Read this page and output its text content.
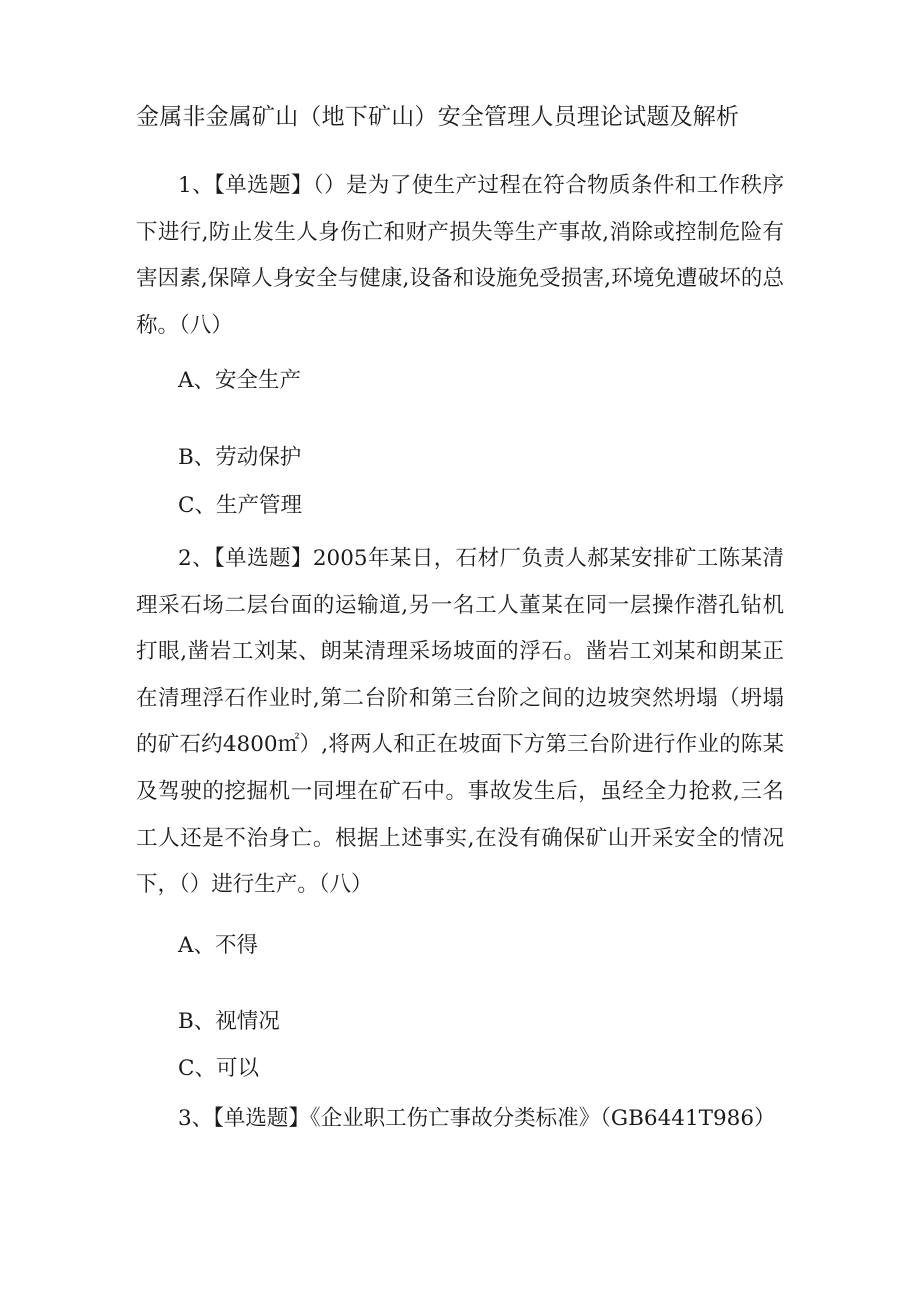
金属非金属矿山（地下矿山）安全管理人员理论试题及解析
1、【单选题】（）是为了使生产过程在符合物质条件和工作秩序下进行,防止发生人身伤亡和财产损失等生产事故,消除或控制危险有害因素,保障人身安全与健康,设备和设施免受损害,环境免遭破坏的总称。（八）
A、安全生产
B、劳动保护
C、生产管理
2、【单选题】2005年某日，石材厂负责人郝某安排矿工陈某清理采石场二层台面的运输道,另一名工人董某在同一层操作潜孔钻机打眼,凿岩工刘某、朗某清理采场坡面的浮石。凿岩工刘某和朗某正在清理浮石作业时,第二台阶和第三台阶之间的边坡突然坍塌（坍塌的矿石约4800㎡）,将两人和正在坡面下方第三台阶进行作业的陈某及驾驶的挖掘机一同埋在矿石中。事故发生后，虽经全力抢救,三名工人还是不治身亡。根据上述事实,在没有确保矿山开采安全的情况下，（）进行生产。（八）
A、不得
B、视情况
C、可以
3、【单选题】《企业职工伤亡事故分类标准》（GB6441T986）
